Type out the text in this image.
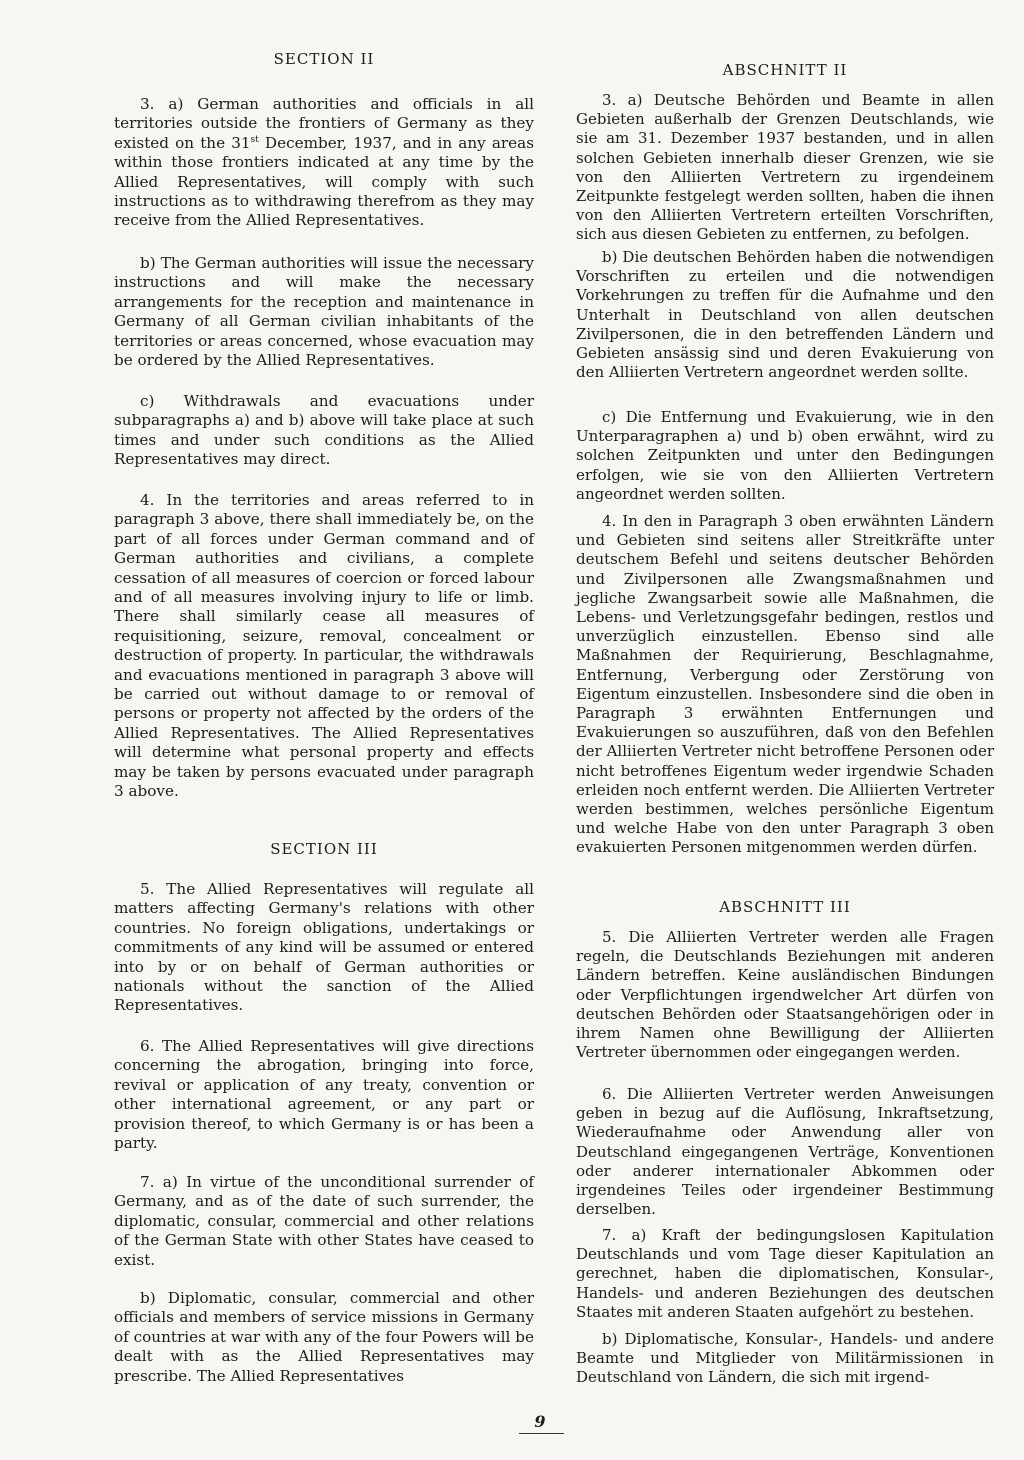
SECTION II

3. a) German authorities and officials in all territories outside the frontiers of Germany as they existed on the 31st December, 1937, and in any areas within those frontiers indicated at any time by the Allied Representatives, will comply with such instructions as to withdrawing therefrom as they may receive from the Allied Representatives.

b) The German authorities will issue the necessary instructions and will make the necessary arrangements for the reception and maintenance in Germany of all German civilian inhabitants of the territories or areas concerned, whose evacuation may be ordered by the Allied Representatives.

c) Withdrawals and evacuations under subparagraphs a) and b) above will take place at such times and under such conditions as the Allied Representatives may direct.

4. In the territories and areas referred to in paragraph 3 above, there shall immediately be, on the part of all forces under German command and of German authorities and civilians, a complete cessation of all measures of coercion or forced labour and of all measures involving injury to life or limb. There shall similarly cease all measures of requisitioning, seizure, removal, concealment or destruction of property. In particular, the withdrawals and evacuations mentioned in paragraph 3 above will be carried out without damage to or removal of persons or property not affected by the orders of the Allied Representatives. The Allied Representatives will determine what personal property and effects may be taken by persons evacuated under paragraph 3 above.

SECTION III

5. The Allied Representatives will regulate all matters affecting Germany's relations with other countries. No foreign obligations, undertakings or commitments of any kind will be assumed or entered into by or on behalf of German authorities or nationals without the sanction of the Allied Representatives.

6. The Allied Representatives will give directions concerning the abrogation, bringing into force, revival or application of any treaty, convention or other international agreement, or any part or provision thereof, to which Germany is or has been a party.

7. a) In virtue of the unconditional surrender of Germany, and as of the date of such surrender, the diplomatic, consular, commercial and other relations of the German State with other States have ceased to exist.

b) Diplomatic, consular, commercial and other officials and members of service missions in Germany of countries at war with any of the four Powers will be dealt with as the Allied Representatives may prescribe. The Allied Representatives

ABSCHNITT II

3. a) Deutsche Behörden und Beamte in allen Gebieten außerhalb der Grenzen Deutschlands, wie sie am 31. Dezember 1937 bestanden, und in allen solchen Gebieten innerhalb dieser Grenzen, wie sie von den Alliierten Vertretern zu irgendeinem Zeitpunkte festgelegt werden sollten, haben die ihnen von den Alliierten Vertretern erteilten Vorschriften, sich aus diesen Gebieten zu entfernen, zu befolgen.

b) Die deutschen Behörden haben die notwendigen Vorschriften zu erteilen und die notwendigen Vorkehrungen zu treffen für die Aufnahme und den Unterhalt in Deutschland von allen deutschen Zivilpersonen, die in den betreffenden Ländern und Gebieten ansässig sind und deren Evakuierung von den Alliierten Vertretern angeordnet werden sollte.

c) Die Entfernung und Evakuierung, wie in den Unterparagraphen a) und b) oben erwähnt, wird zu solchen Zeitpunkten und unter den Bedingungen erfolgen, wie sie von den Alliierten Vertretern angeordnet werden sollten.

4. In den in Paragraph 3 oben erwähnten Ländern und Gebieten sind seitens aller Streitkräfte unter deutschem Befehl und seitens deutscher Behörden und Zivilpersonen alle Zwangsmaßnahmen und jegliche Zwangsarbeit sowie alle Maßnahmen, die Lebens- und Verletzungsgefahr bedingen, restlos und unverzüglich einzustellen. Ebenso sind alle Maßnahmen der Requirierung, Beschlagnahme, Entfernung, Verbergung oder Zerstörung von Eigentum einzustellen. Insbesondere sind die oben in Paragraph 3 erwähnten Entfernungen und Evakuierungen so auszuführen, daß von den Befehlen der Alliierten Vertreter nicht betroffene Personen oder nicht betroffenes Eigentum weder irgendwie Schaden erleiden noch entfernt werden. Die Alliierten Vertreter werden bestimmen, welches persönliche Eigentum und welche Habe von den unter Paragraph 3 oben evakuierten Personen mitgenommen werden dürfen.

ABSCHNITT III

5. Die Alliierten Vertreter werden alle Fragen regeln, die Deutschlands Beziehungen mit anderen Ländern betreffen. Keine ausländischen Bindungen oder Verpflichtungen irgendwelcher Art dürfen von deutschen Behörden oder Staatsangehörigen oder in ihrem Namen ohne Bewilligung der Alliierten Vertreter übernommen oder eingegangen werden.

6. Die Alliierten Vertreter werden Anweisungen geben in bezug auf die Auflösung, Inkraftsetzung, Wiederaufnahme oder Anwendung aller von Deutschland eingegangenen Verträge, Konventionen oder anderer internationaler Abkommen oder irgendeines Teiles oder irgendeiner Bestimmung derselben.

7. a) Kraft der bedingungslosen Kapitulation Deutschlands und vom Tage dieser Kapitulation an gerechnet, haben die diplomatischen, Konsular-, Handels- und anderen Beziehungen des deutschen Staates mit anderen Staaten aufgehört zu bestehen.

b) Diplomatische, Konsular-, Handels- und andere Beamte und Mitglieder von Militärmissionen in Deutschland von Ländern, die sich mit irgend-

9
